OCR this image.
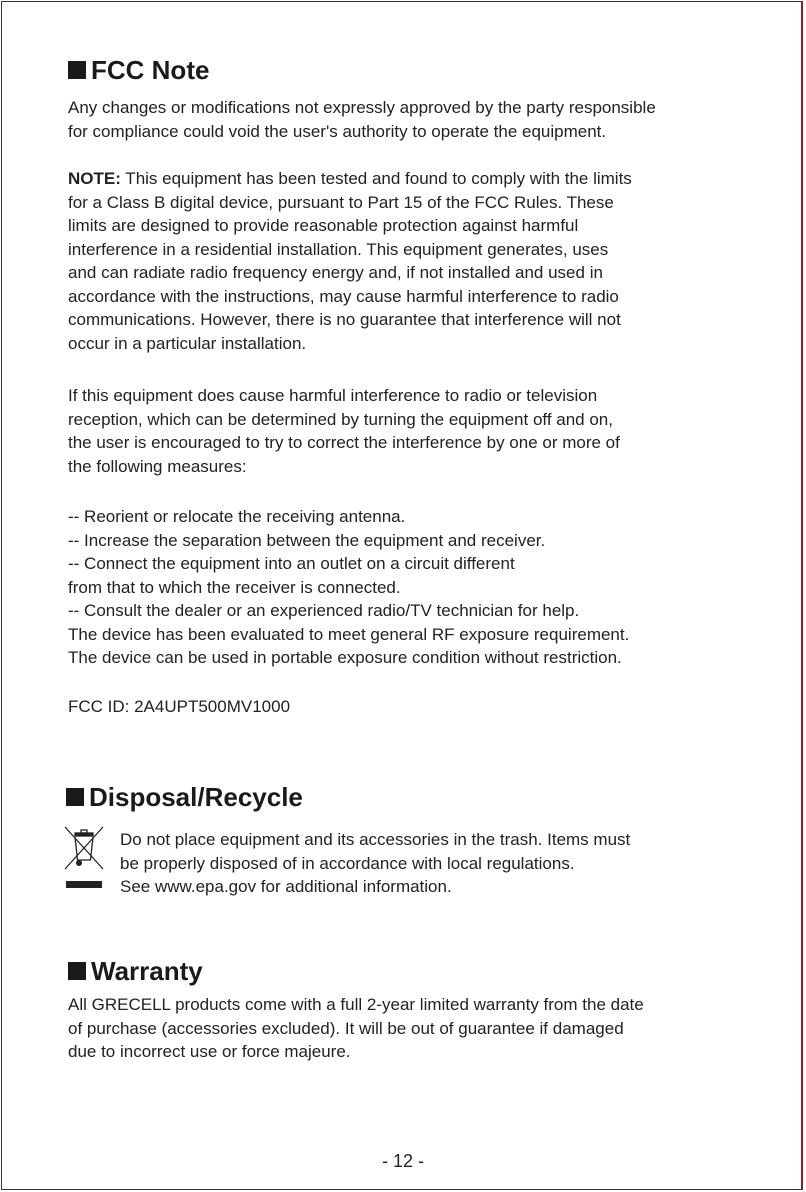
FCC Note

Any changes or modifications not expressly approved by the party responsible

for compliance could void the user's authority to operate the equipment.

NOTE: This equipment has been tested and found to comply with the limits

for a Class B digital device, pursuant to Part 15 of the FCC Rules. These

limits are designed to provide reasonable protection against harmful

interference in a residential installation. This equipment generates, uses

and can radiate radio frequency energy and, if not installed and used in

accordance with the instructions, may cause harmful interference to radio

communications. However, there is no guarantee that interference will not

occur in a particular installation.

If this equipment does cause harmful interference to radio or television

reception, which can be determined by turning the equipment off and on,

the user is encouraged to try to correct the interference by one or more of

the following measures:

-- Reorient or relocate the receiving antenna.

-- Increase the separation between the equipment and receiver.

-- Connect the equipment into an outlet on a circuit different

from that to which the receiver is connected.

-- Consult the dealer or an experienced radio/TV technician for help.

The device has been evaluated to meet general RF exposure requirement.

The device can be used in portable exposure condition without restriction.

FCC ID: 2A4UPT500MV1000

Disposal/Recycle

Do not place equipment and its accessories in the trash. Items must

be properly disposed of in accordance with local regulations.

See www.epa.gov for additional information.

Warranty

All GRECELL products come with a full 2-year limited warranty from the date

of purchase (accessories excluded). It will be out of guarantee if damaged

due to incorrect use or force majeure.

- 12 -
